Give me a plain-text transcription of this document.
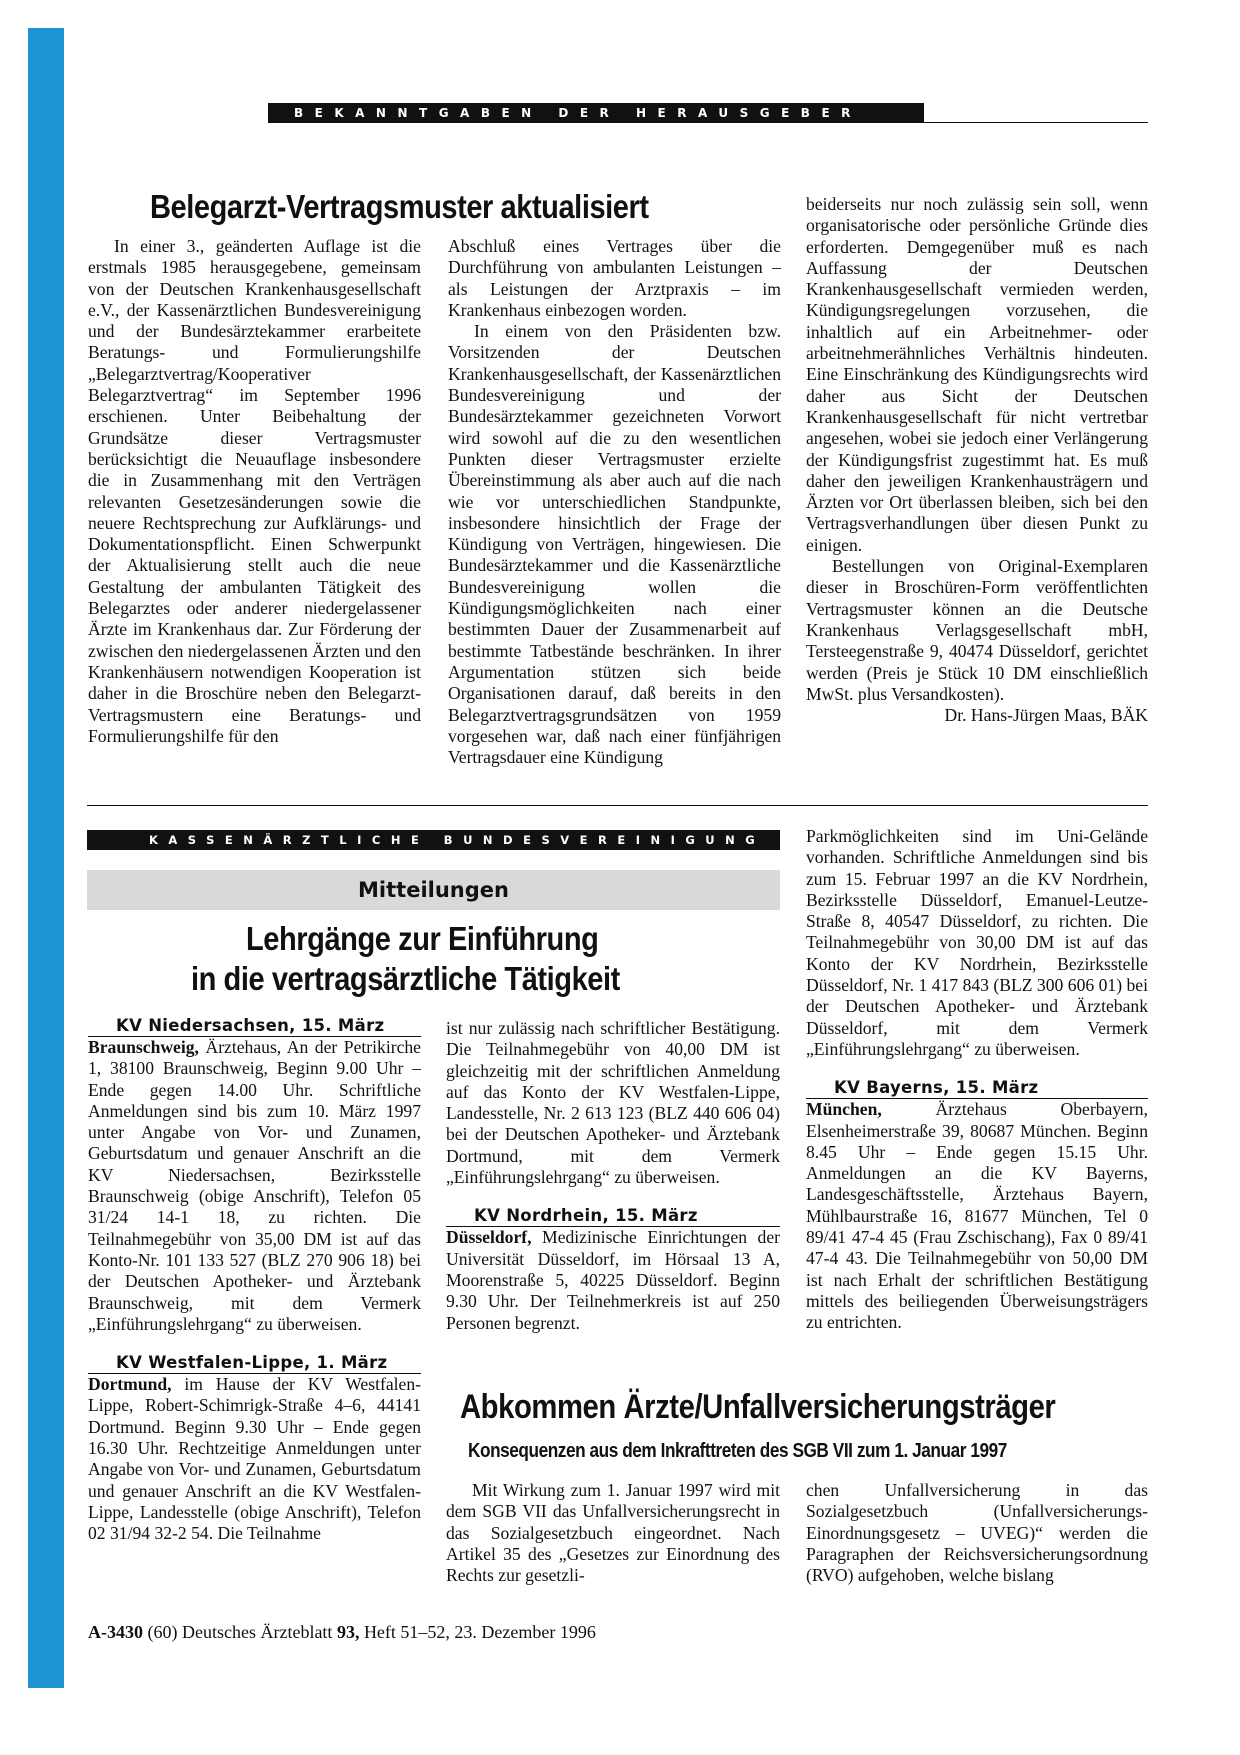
BEKANNTGABEN DER HERAUSGEBER
Belegarzt-Vertragsmuster aktualisiert

In einer 3., geänderten Auflage ist die erstmals 1985 herausgegebene, gemeinsam von der Deutschen Krankenhausgesellschaft e.V., der Kassenärztlichen Bundesvereinigung und der Bundesärztekammer erarbeitete Beratungs- und Formulierungshilfe „Belegarztvertrag/Kooperativer Belegarztvertrag“ im September 1996 erschienen. Unter Beibehaltung der Grundsätze dieser Vertragsmuster berücksichtigt die Neuauflage insbesondere die in Zusammenhang mit den Verträgen relevanten Gesetzesänderungen sowie die neuere Rechtsprechung zur Aufklärungs- und Dokumentationspflicht. Einen Schwerpunkt der Aktualisierung stellt auch die neue Gestaltung der ambulanten Tätigkeit des Belegarztes oder anderer niedergelassener Ärzte im Krankenhaus dar. Zur Förderung der zwischen den niedergelassenen Ärzten und den Krankenhäusern notwendigen Kooperation ist daher in die Broschüre neben den Belegarzt-Vertragsmustern eine Beratungs- und Formulierungshilfe für den

Abschluß eines Vertrages über die Durchführung von ambulanten Leistungen – als Leistungen der Arztpraxis – im Krankenhaus einbezogen worden.

In einem von den Präsidenten bzw. Vorsitzenden der Deutschen Krankenhausgesellschaft, der Kassenärztlichen Bundesvereinigung und der Bundesärztekammer gezeichneten Vorwort wird sowohl auf die zu den wesentlichen Punkten dieser Vertragsmuster erzielte Übereinstimmung als aber auch auf die nach wie vor unterschiedlichen Standpunkte, insbesondere hinsichtlich der Frage der Kündigung von Verträgen, hingewiesen. Die Bundesärztekammer und die Kassenärztliche Bundesvereinigung wollen die Kündigungsmöglichkeiten nach einer bestimmten Dauer der Zusammenarbeit auf bestimmte Tatbestände beschränken. In ihrer Argumentation stützen sich beide Organisationen darauf, daß bereits in den Belegarztvertragsgrundsätzen von 1959 vorgesehen war, daß nach einer fünfjährigen Vertragsdauer eine Kündigung

beiderseits nur noch zulässig sein soll, wenn organisatorische oder persönliche Gründe dies erforderten. Demgegenüber muß es nach Auffassung der Deutschen Krankenhausgesellschaft vermieden werden, Kündigungsregelungen vorzusehen, die inhaltlich auf ein Arbeitnehmer- oder arbeitnehmerähnliches Verhältnis hindeuten. Eine Einschränkung des Kündigungsrechts wird daher aus Sicht der Deutschen Krankenhausgesellschaft für nicht vertretbar angesehen, wobei sie jedoch einer Verlängerung der Kündigungsfrist zugestimmt hat. Es muß daher den jeweiligen Krankenhausträgern und Ärzten vor Ort überlassen bleiben, sich bei den Vertragsverhandlungen über diesen Punkt zu einigen.

Bestellungen von Original-Exemplaren dieser in Broschüren-Form veröffentlichten Vertragsmuster können an die Deutsche Krankenhaus Verlagsgesellschaft mbH, Tersteegenstraße 9, 40474 Düsseldorf, gerichtet werden (Preis je Stück 10 DM einschließlich MwSt. plus Versandkosten).

Dr. Hans-Jürgen Maas, BÄK

KASSENÄRZTLICHE BUNDESVEREINIGUNG
Mitteilungen
Lehrgänge zur Einführung
in die vertragsärztliche Tätigkeit

KV Niedersachsen, 15. März

Braunschweig, Ärztehaus, An der Petrikirche 1, 38100 Braunschweig, Beginn 9.00 Uhr – Ende gegen 14.00 Uhr. Schriftliche Anmeldungen sind bis zum 10. März 1997 unter Angabe von Vor- und Zunamen, Geburtsdatum und genauer Anschrift an die KV Niedersachsen, Bezirksstelle Braunschweig (obige Anschrift), Telefon 05 31/24 14-1 18, zu richten. Die Teilnahmegebühr von 35,00 DM ist auf das Konto-Nr. 101 133 527 (BLZ 270 906 18) bei der Deutschen Apotheker- und Ärztebank Braunschweig, mit dem Vermerk „Einführungslehrgang“ zu überweisen.

KV Westfalen-Lippe, 1. März

Dortmund, im Hause der KV Westfalen-Lippe, Robert-Schimrigk-Straße 4–6, 44141 Dortmund. Beginn 9.30 Uhr – Ende gegen 16.30 Uhr. Rechtzeitige Anmeldungen unter Angabe von Vor- und Zunamen, Geburtsdatum und genauer Anschrift an die KV Westfalen-Lippe, Landesstelle (obige Anschrift), Telefon 02 31/94 32-2 54. Die Teilnahme

ist nur zulässig nach schriftlicher Bestätigung. Die Teilnahmegebühr von 40,00 DM ist gleichzeitig mit der schriftlichen Anmeldung auf das Konto der KV Westfalen-Lippe, Landesstelle, Nr. 2 613 123 (BLZ 440 606 04) bei der Deutschen Apotheker- und Ärztebank Dortmund, mit dem Vermerk „Einführungslehrgang“ zu überweisen.

KV Nordrhein, 15. März

Düsseldorf, Medizinische Einrichtungen der Universität Düsseldorf, im Hörsaal 13 A, Moorenstraße 5, 40225 Düsseldorf. Beginn 9.30 Uhr. Der Teilnehmerkreis ist auf 250 Personen begrenzt.

Parkmöglichkeiten sind im Uni-Gelände vorhanden. Schriftliche Anmeldungen sind bis zum 15. Februar 1997 an die KV Nordrhein, Bezirksstelle Düsseldorf, Emanuel-Leutze-Straße 8, 40547 Düsseldorf, zu richten. Die Teilnahmegebühr von 30,00 DM ist auf das Konto der KV Nordrhein, Bezirksstelle Düsseldorf, Nr. 1 417 843 (BLZ 300 606 01) bei der Deutschen Apotheker- und Ärztebank Düsseldorf, mit dem Vermerk „Einführungslehrgang“ zu überweisen.

KV Bayerns, 15. März

München,	Ärztehaus Oberbayern, Elsenheimerstraße 39, 80687 München. Beginn 8.45 Uhr – Ende gegen 15.15 Uhr. Anmeldungen an die KV Bayerns, Landesgeschäftsstelle, Ärztehaus Bayern, Mühlbaurstraße 16, 81677 München, Tel 0 89/41 47-4 45 (Frau Zschischang), Fax 0 89/41 47-4 43. Die Teilnahmegebühr von 50,00 DM ist nach Erhalt der schriftlichen Bestätigung mittels des beiliegenden Überweisungsträgers zu entrichten.

Abkommen Ärzte/Unfallversicherungsträger
Konsequenzen aus dem Inkrafttreten des SGB VII zum 1. Januar 1997

Mit Wirkung zum 1. Januar 1997 wird mit dem SGB VII das Unfallversicherungsrecht in das Sozialgesetzbuch eingeordnet. Nach Artikel 35 des „Gesetzes zur Einordnung des Rechts zur gesetzli-

chen Unfallversicherung in das Sozialgesetzbuch (Unfallversicherungs-Einordnungsgesetz – UVEG)“ werden die Paragraphen der Reichsversicherungsordnung (RVO) aufgehoben, welche bislang

A-3430 (60) Deutsches Ärzteblatt 93, Heft 51–52, 23. Dezember 1996
